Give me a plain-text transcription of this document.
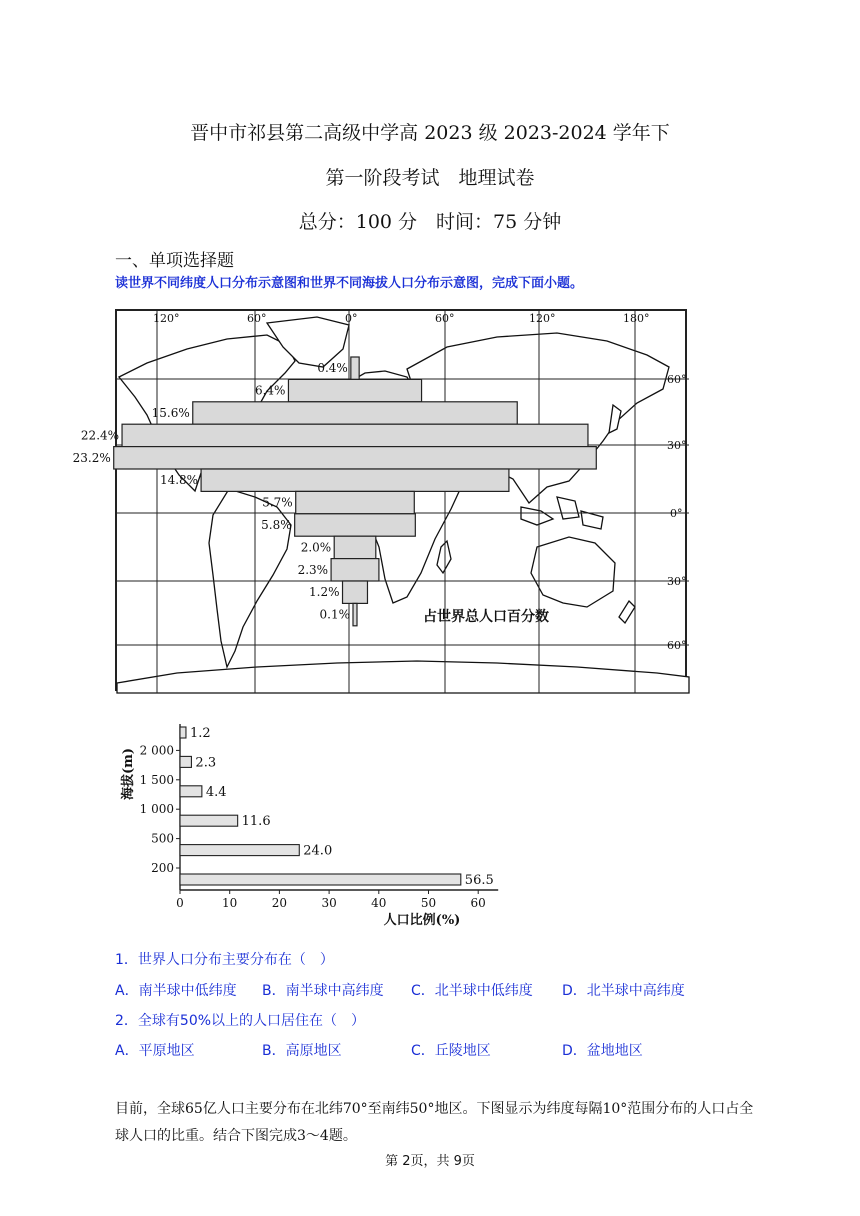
晋中市祁县第二高级中学高 2023 级 2023-2024 学年下
第一阶段考试　地理试卷
总分：100 分　时间：75 分钟
一、单项选择题
读世界不同纬度人口分布示意图和世界不同海拔人口分布示意图，完成下面小题。
120°	60°	0°	60°	120°	180°
60°
30°
0°
30°
60°
0.4%
6.4%
15.6%
22.4%
23.2%
14.8%
5.7%
5.8%
2.0%
2.3%
1.2%
0.1%	占世界总人口百分数
56.5
24.0
11.6
4.4
2.3
1.2
200
500
1 000
1 500
2 000
0	10	20	30	40	50	60
海拔(m)
人口比例(%)
1．世界人口分布主要分布在（　）
A．南半球中低纬度 B．南半球中高纬度 C．北半球中低纬度 D．北半球中高纬度
2．全球有50%以上的人口居住在（　）
A．平原地区	B．高原地区	C．丘陵地区	D．盆地地区
目前，全球65亿人口主要分布在北纬70°至南纬50°地区。下图显示为纬度每隔10°范围分布的人口占全球人口的比重。结合下图完成3～4题。
第 2页，共 9页
